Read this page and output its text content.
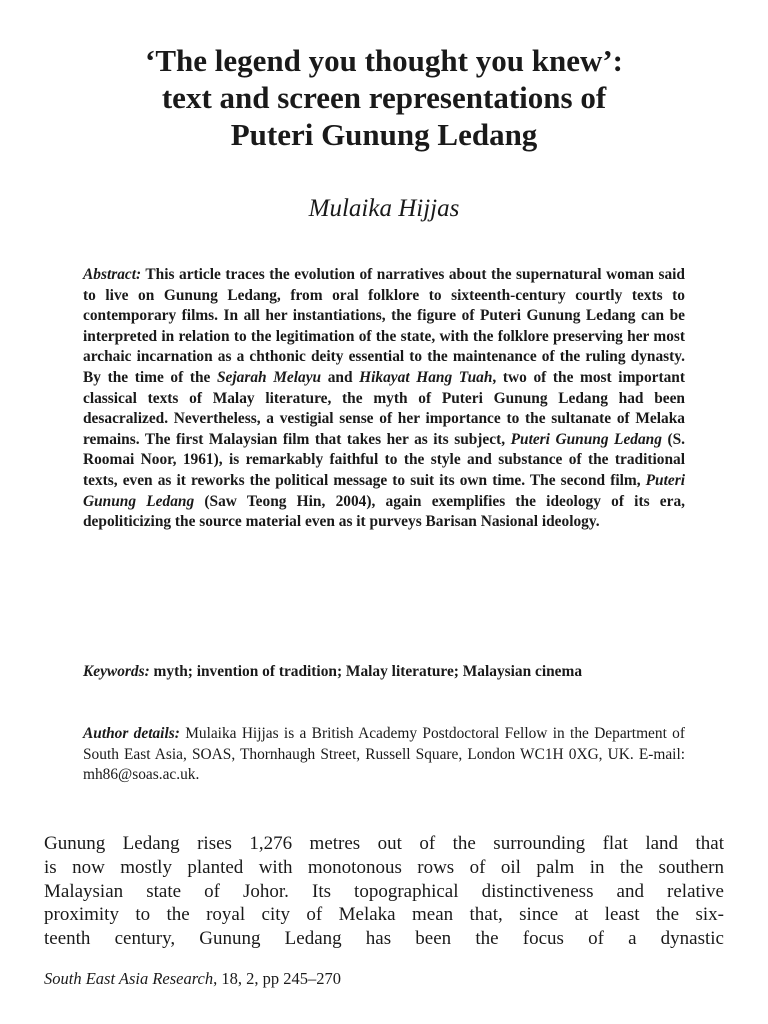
‘The legend you thought you knew’:
text and screen representations of
Puteri Gunung Ledang

Mulaika Hijjas

Abstract: This article traces the evolution of narratives about the supernatural woman said to live on Gunung Ledang, from oral folklore to sixteenth-century courtly texts to contemporary films. In all her instantiations, the figure of Puteri Gunung Ledang can be interpreted in relation to the legitimation of the state, with the folklore preserving her most archaic incarnation as a chthonic deity essential to the maintenance of the ruling dynasty. By the time of the Sejarah Melayu and Hikayat Hang Tuah, two of the most important classical texts of Malay literature, the myth of Puteri Gunung Ledang had been desacralized. Nevertheless, a vestigial sense of her importance to the sultanate of Melaka remains. The first Malaysian film that takes her as its subject, Puteri Gunung Ledang (S. Roomai Noor, 1961), is remarkably faithful to the style and substance of the traditional texts, even as it reworks the political message to suit its own time. The second film, Puteri Gunung Ledang (Saw Teong Hin, 2004), again exemplifies the ideology of its era, depoliticizing the source material even as it purveys Barisan Nasional ideology.

Keywords: myth; invention of tradition; Malay literature; Malaysian cinema

Author details: Mulaika Hijjas is a British Academy Postdoctoral Fellow in the Department of South East Asia, SOAS, Thornhaugh Street, Russell Square, London WC1H 0XG, UK. E-mail: mh86@soas.ac.uk.

Gunung Ledang rises 1,276 metres out of the surrounding flat land that
is now mostly planted with monotonous rows of oil palm in the southern
Malaysian state of Johor. Its topographical distinctiveness and relative
proximity to the royal city of Melaka mean that, since at least the six-
teenth century, Gunung Ledang has been the focus of a dynastic

South East Asia Research, 18, 2, pp 245–270
